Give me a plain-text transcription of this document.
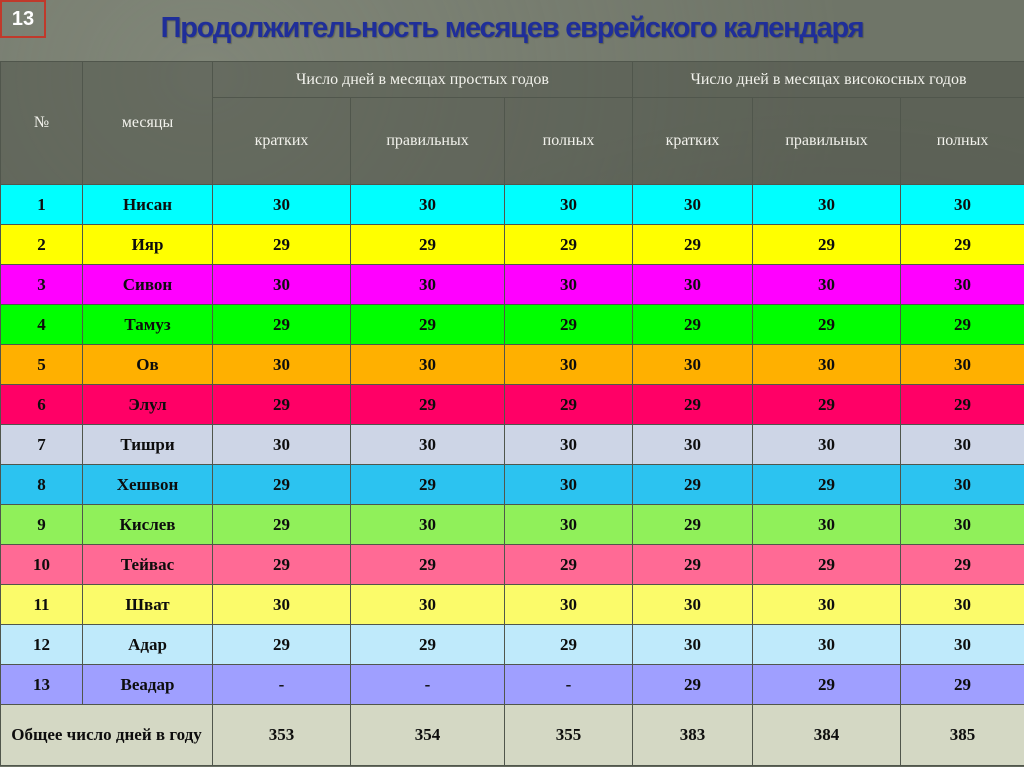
13	Продолжительность месяцев еврейского календаря
№	месяцы	Число дней в месяцах простых годов			Число дней в месяцах високосных годов		
		кратких	правильных	полных	кратких	правильных	полных
1	Нисан	30	30	30	30	30	30
2	Ияр	29	29	29	29	29	29
3	Сивон	30	30	30	30	30	30
4	Тамуз	29	29	29	29	29	29
5	Ов	30	30	30	30	30	30
6	Элул	29	29	29	29	29	29
7	Тишри	30	30	30	30	30	30
8	Хешвон	29	29	30	29	29	30
9	Кислев	29	30	30	29	30	30
10	Тейвас	29	29	29	29	29	29
11	Шват	30	30	30	30	30	30
12	Адар	29	29	29	30	30	30
13	Веадар	-	-	-	29	29	29
Общее число дней в году		353	354	355	383	384	385
